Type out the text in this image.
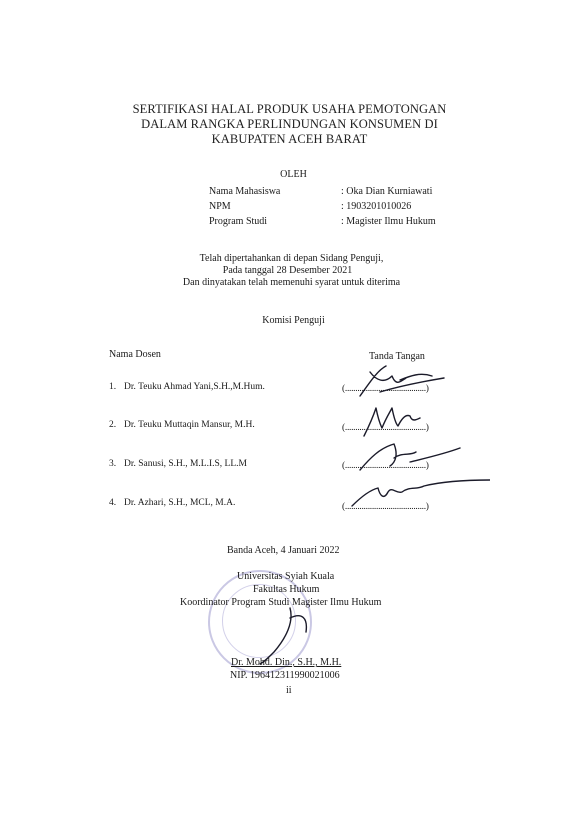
SERTIFIKASI HALAL PRODUK USAHA PEMOTONGAN
DALAM RANGKA PERLINDUNGAN KONSUMEN DI
KABUPATEN ACEH BARAT
OLEH
Nama Mahasiswa	: Oka Dian Kurniawati
NPM	: 1903201010026
Program Studi	: Magister Ilmu Hukum
Telah dipertahankan di depan Sidang Penguji,
Pada tanggal 28 Desember 2021
Dan dinyatakan telah memenuhi syarat untuk diterima
Komisi Penguji
Nama Dosen	Tanda Tangan
1. Dr. Teuku Ahmad Yani,S.H.,M.Hum.	(.......................................)
2. Dr. Teuku Muttaqin Mansur, M.H.	(.......................................)
3. Dr. Sanusi, S.H., M.L.I.S, LL.M	(.......................................)
4. Dr. Azhari, S.H., MCL, M.A.	(.......................................)
Banda Aceh, 4 Januari 2022
Universitas Syiah Kuala
Fakultas Hukum
Koordinator Program Studi Magister Ilmu Hukum
Dr. Mohd. Din., S.H., M.H.
NIP. 196412311990021006
ii
